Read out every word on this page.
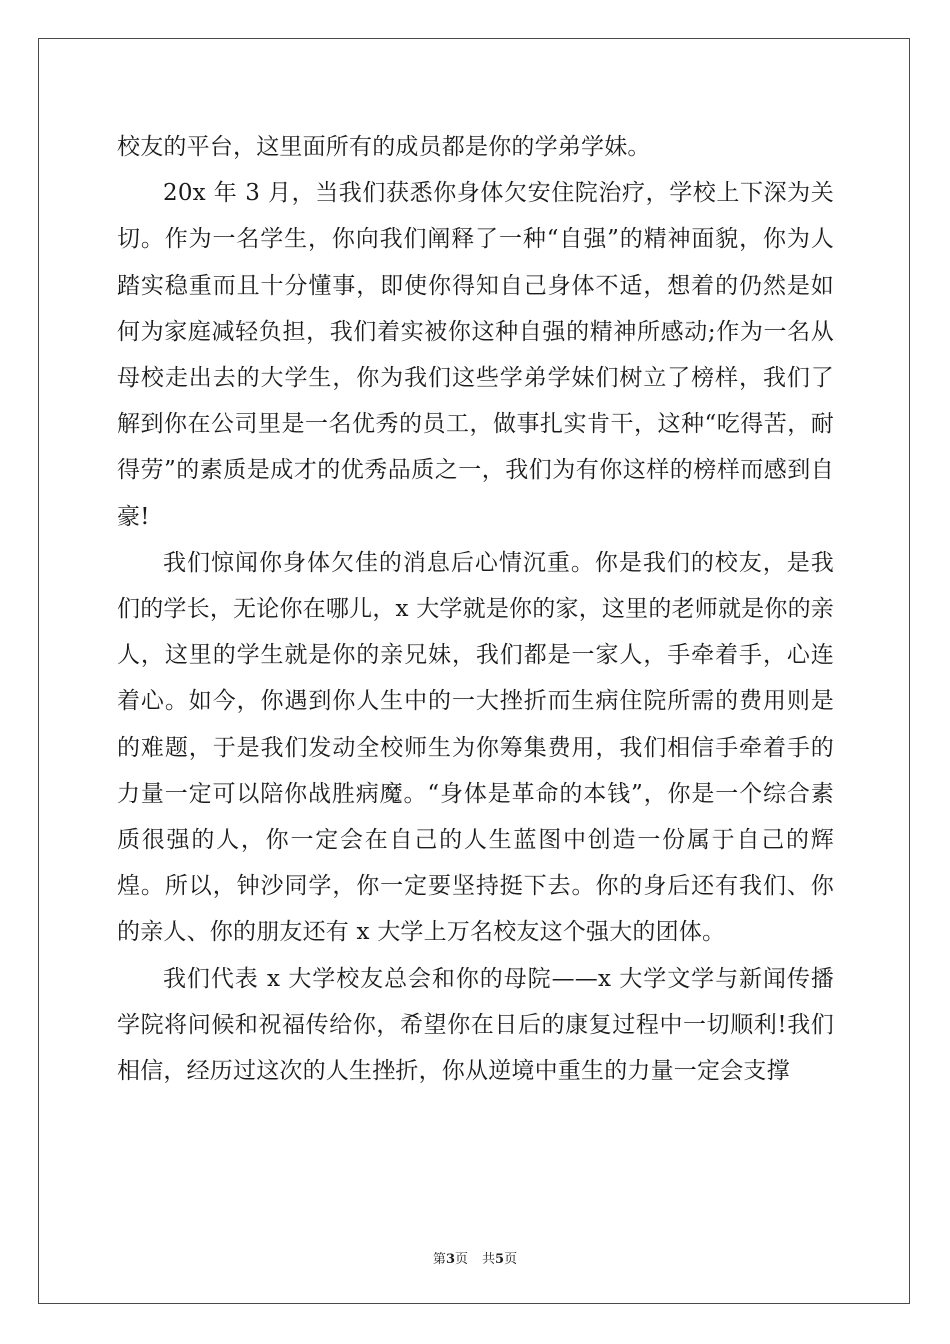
校友的平台，这里面所有的成员都是你的学弟学妹。

20x 年 3 月，当我们获悉你身体欠安住院治疗，学校上下深为关切。作为一名学生，你向我们阐释了一种“自强”的精神面貌，你为人踏实稳重而且十分懂事，即使你得知自己身体不适，想着的仍然是如何为家庭减轻负担，我们着实被你这种自强的精神所感动;作为一名从母校走出去的大学生，你为我们这些学弟学妹们树立了榜样，我们了解到你在公司里是一名优秀的员工，做事扎实肯干，这种“吃得苦，耐得劳”的素质是成才的优秀品质之一，我们为有你这样的榜样而感到自豪!

我们惊闻你身体欠佳的消息后心情沉重。你是我们的校友，是我们的学长，无论你在哪儿，x 大学就是你的家，这里的老师就是你的亲人，这里的学生就是你的亲兄妹，我们都是一家人，手牵着手，心连着心。如今，你遇到你人生中的一大挫折而生病住院所需的费用则是的难题，于是我们发动全校师生为你筹集费用，我们相信手牵着手的力量一定可以陪你战胜病魔。“身体是革命的本钱”，你是一个综合素质很强的人，你一定会在自己的人生蓝图中创造一份属于自己的辉煌。所以，钟沙同学，你一定要坚持挺下去。你的身后还有我们、你的亲人、你的朋友还有 x 大学上万名校友这个强大的团体。

我们代表 x 大学校友总会和你的母院——x 大学文学与新闻传播学院将问候和祝福传给你，希望你在日后的康复过程中一切顺利!我们相信，经历过这次的人生挫折，你从逆境中重生的力量一定会支撑

第3页 共5页
